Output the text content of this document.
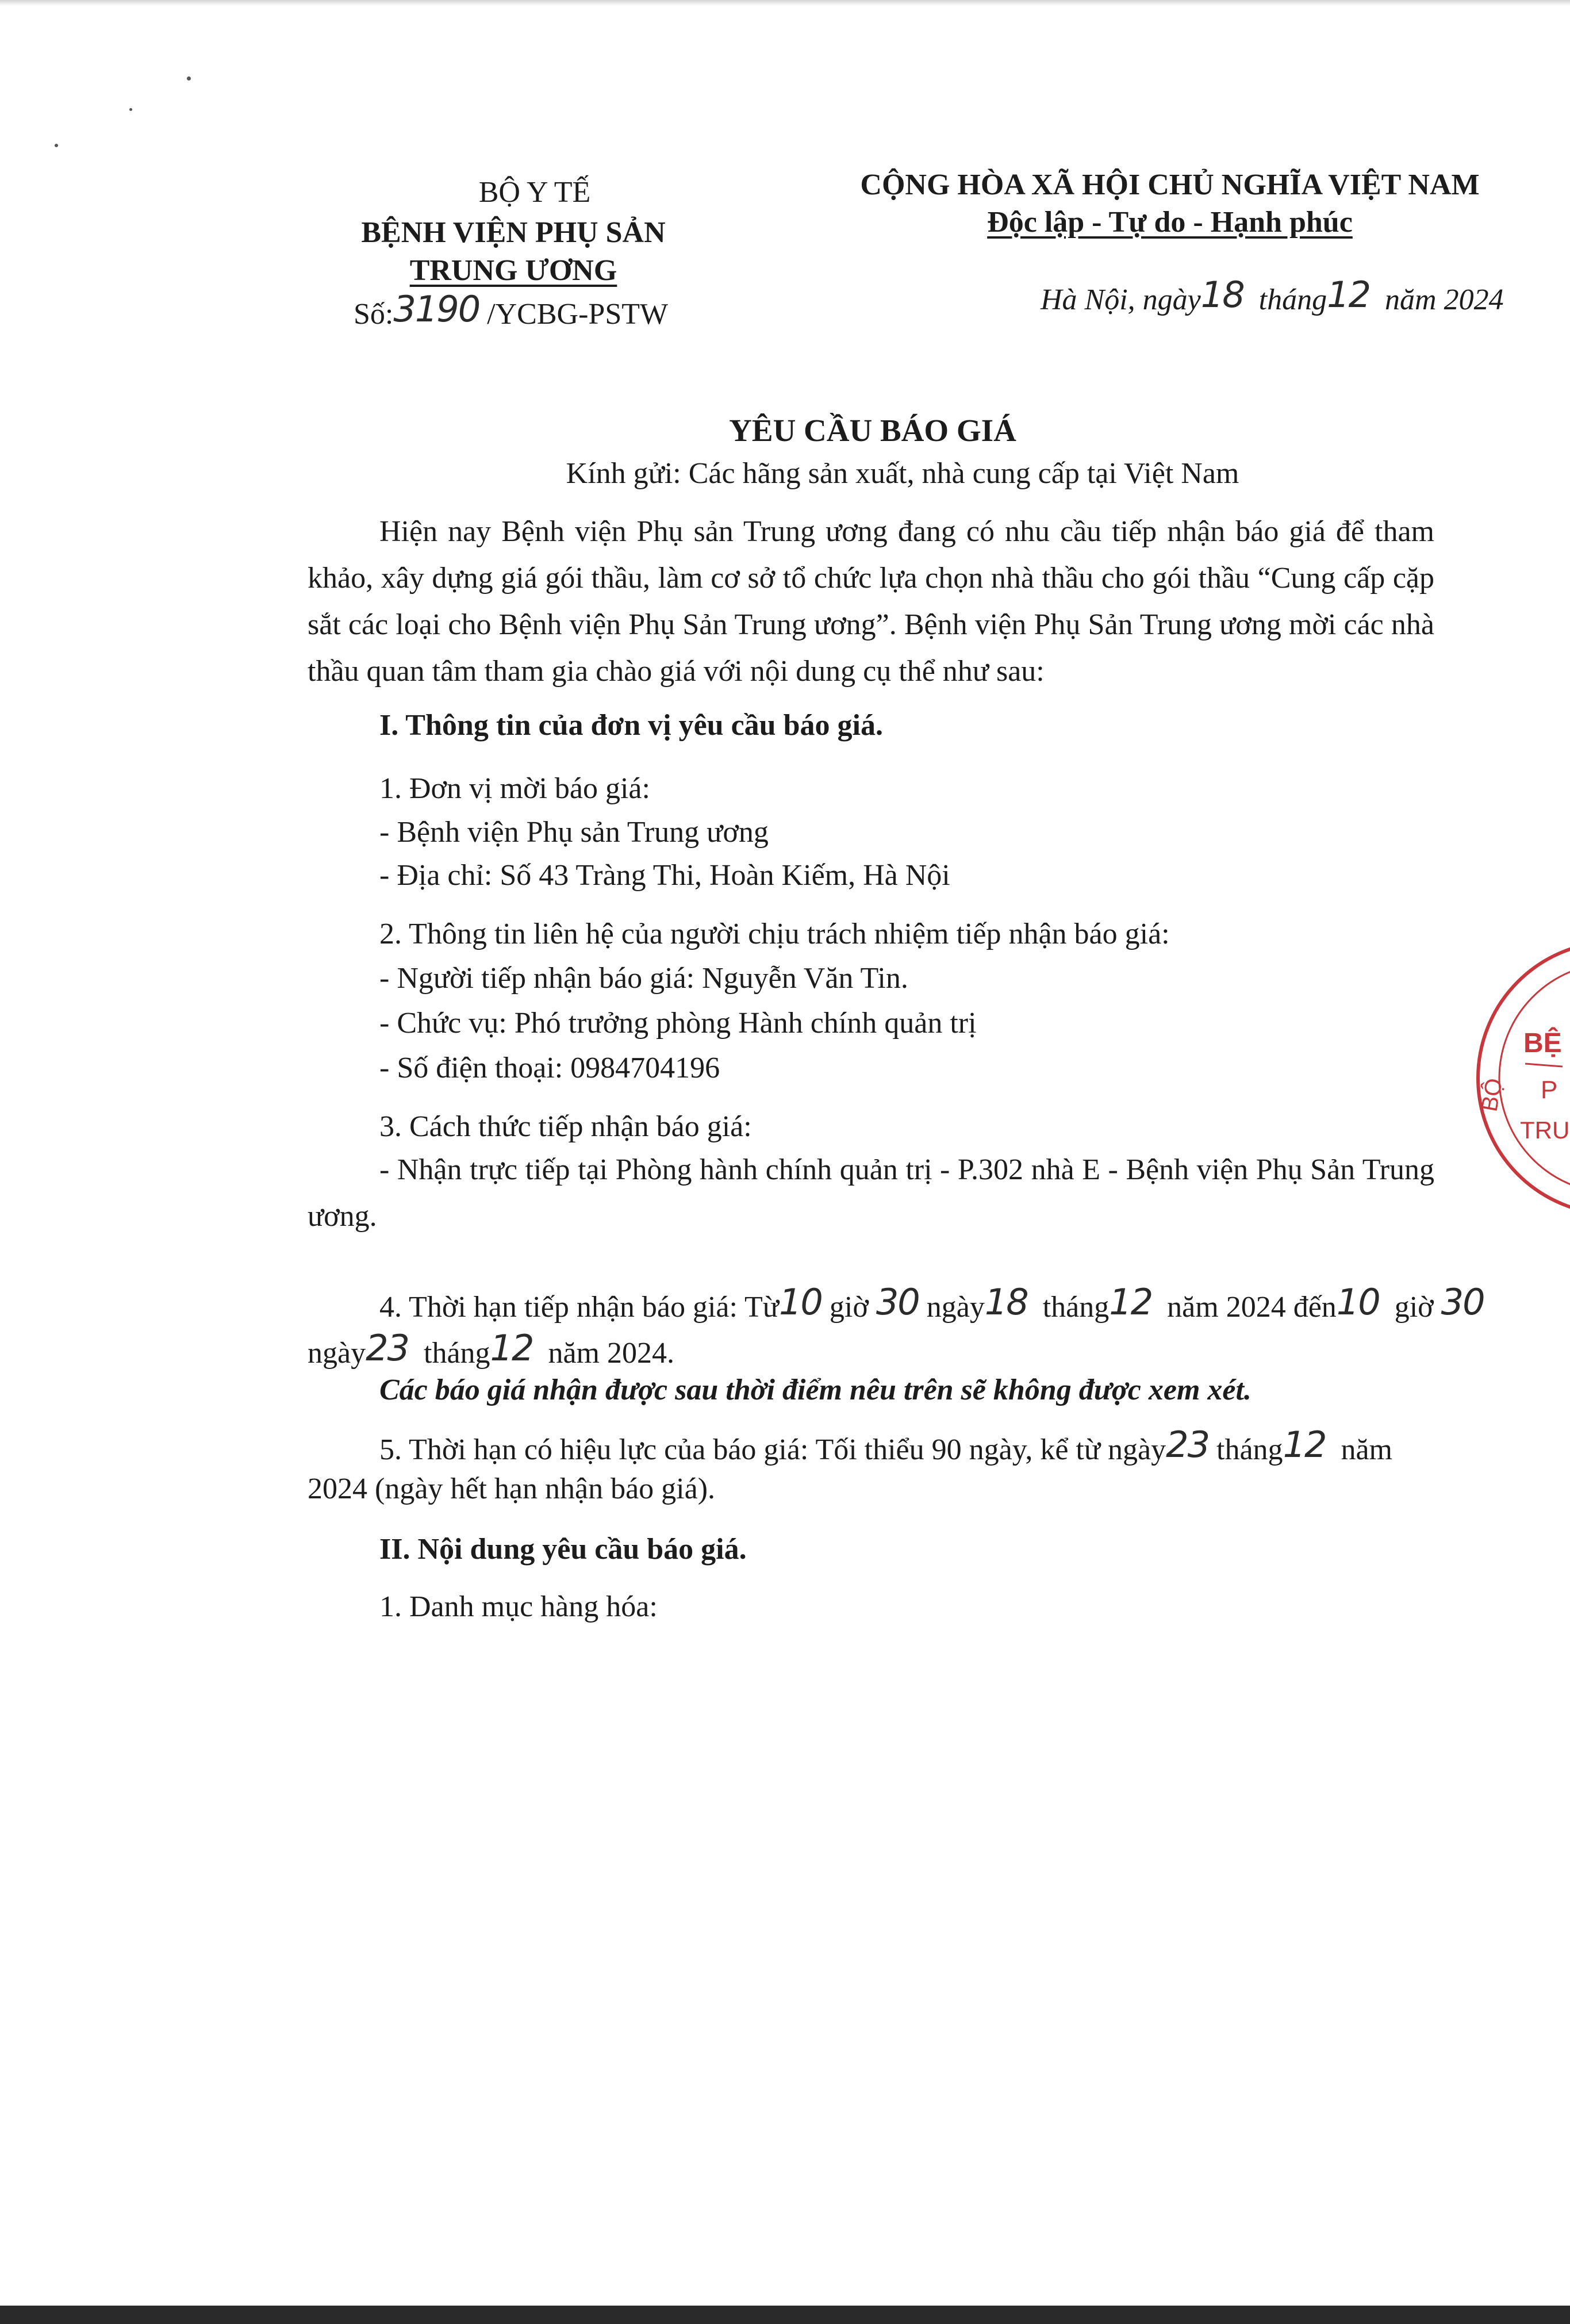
BỘ Y TẾ
BỆNH VIỆN PHỤ SẢN
TRUNG ƯƠNG
Số:3190 /YCBG-PSTW
CỘNG HÒA XÃ HỘI CHỦ NGHĨA VIỆT NAM
Độc lập - Tự do - Hạnh phúc
Hà Nội, ngày18 tháng12 năm 2024
YÊU CẦU BÁO GIÁ
Kính gửi: Các hãng sản xuất, nhà cung cấp tại Việt Nam
Hiện nay Bệnh viện Phụ sản Trung ương đang có nhu cầu tiếp nhận báo giá để tham khảo, xây dựng giá gói thầu, làm cơ sở tổ chức lựa chọn nhà thầu cho gói thầu “Cung cấp cặp sắt các loại cho Bệnh viện Phụ Sản Trung ương”. Bệnh viện Phụ Sản Trung ương mời các nhà thầu quan tâm tham gia chào giá với nội dung cụ thể như sau:
I. Thông tin của đơn vị yêu cầu báo giá.
1. Đơn vị mời báo giá:
- Bệnh viện Phụ sản Trung ương
- Địa chỉ: Số 43 Tràng Thi, Hoàn Kiếm, Hà Nội
2. Thông tin liên hệ của người chịu trách nhiệm tiếp nhận báo giá:
- Người tiếp nhận báo giá: Nguyễn Văn Tin.
- Chức vụ: Phó trưởng phòng Hành chính quản trị
- Số điện thoại: 0984704196
3. Cách thức tiếp nhận báo giá:
- Nhận trực tiếp tại Phòng hành chính quản trị - P.302 nhà E - Bệnh viện Phụ Sản Trung ương.
4. Thời hạn tiếp nhận báo giá: Từ10 giờ 30 ngày18  tháng12  năm 2024 đến10  giờ 30
ngày23  tháng12  năm 2024.
Các báo giá nhận được sau thời điểm nêu trên sẽ không được xem xét.
5. Thời hạn có hiệu lực của báo giá: Tối thiểu 90 ngày, kể từ ngày23 tháng12  năm
2024 (ngày hết hạn nhận báo giá).
II. Nội dung yêu cầu báo giá.
1. Danh mục hàng hóa:
BỆ
P
TRU
BỘ
